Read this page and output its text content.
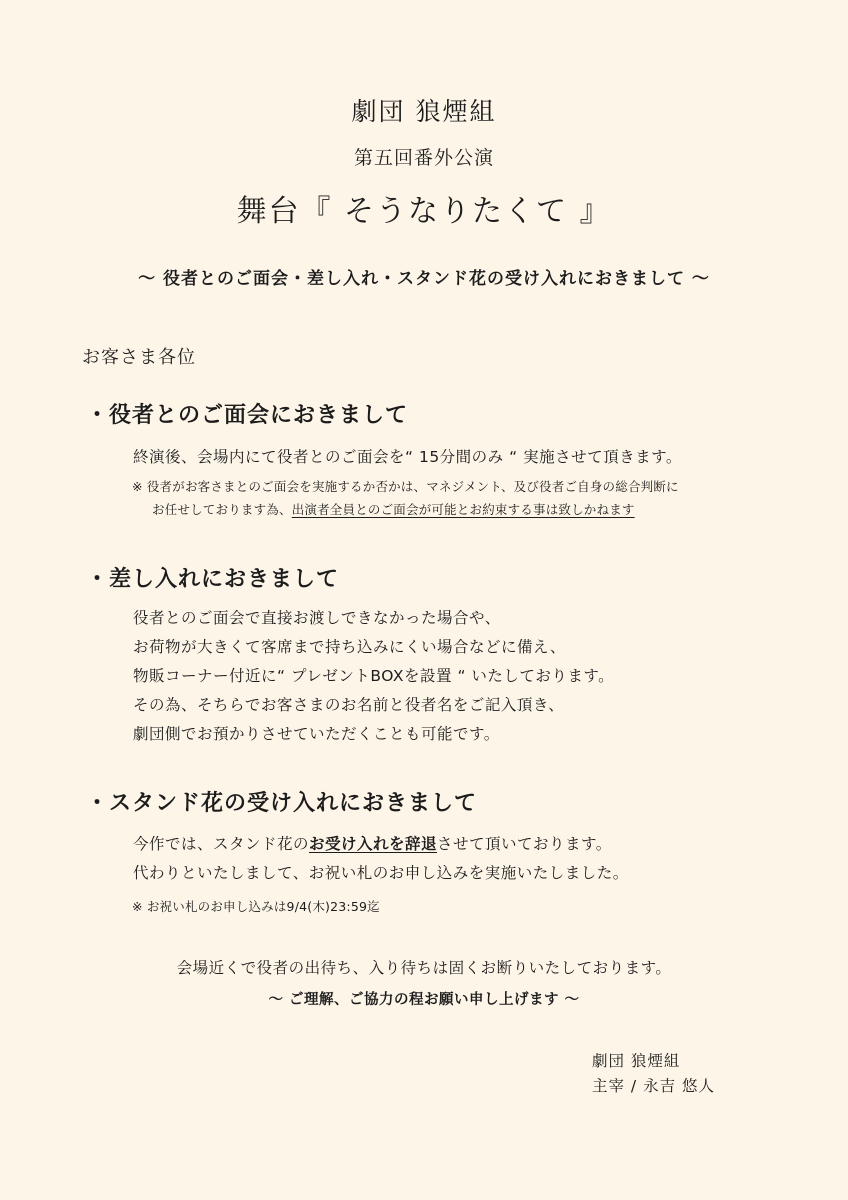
劇団 狼煙組
第五回番外公演
舞台『 そうなりたくて 』
〜 役者とのご面会・差し入れ・スタンド花の受け入れにおきまして 〜
お客さま各位
・役者とのご面会におきまして
終演後、会場内にて役者とのご面会を“ 15分間のみ “ 実施させて頂きます。
※ 役者がお客さまとのご面会を実施するか否かは、マネジメント、及び役者ご自身の総合判断に
お任せしております為、出演者全員とのご面会が可能とお約束する事は致しかねます
・差し入れにおきまして
役者とのご面会で直接お渡しできなかった場合や、
お荷物が大きくて客席まで持ち込みにくい場合などに備え、
物販コーナー付近に“ プレゼントBOXを設置 “ いたしております。
その為、そちらでお客さまのお名前と役者名をご記入頂き、
劇団側でお預かりさせていただくことも可能です。
・スタンド花の受け入れにおきまして
今作では、スタンド花のお受け入れを辞退させて頂いております。
代わりといたしまして、お祝い札のお申し込みを実施いたしました。
※ お祝い札のお申し込みは9/4(木)23:59迄
会場近くで役者の出待ち、入り待ちは固くお断りいたしております。
〜 ご理解、ご協力の程お願い申し上げます 〜
劇団 狼煙組
主宰 / 永吉 悠人
